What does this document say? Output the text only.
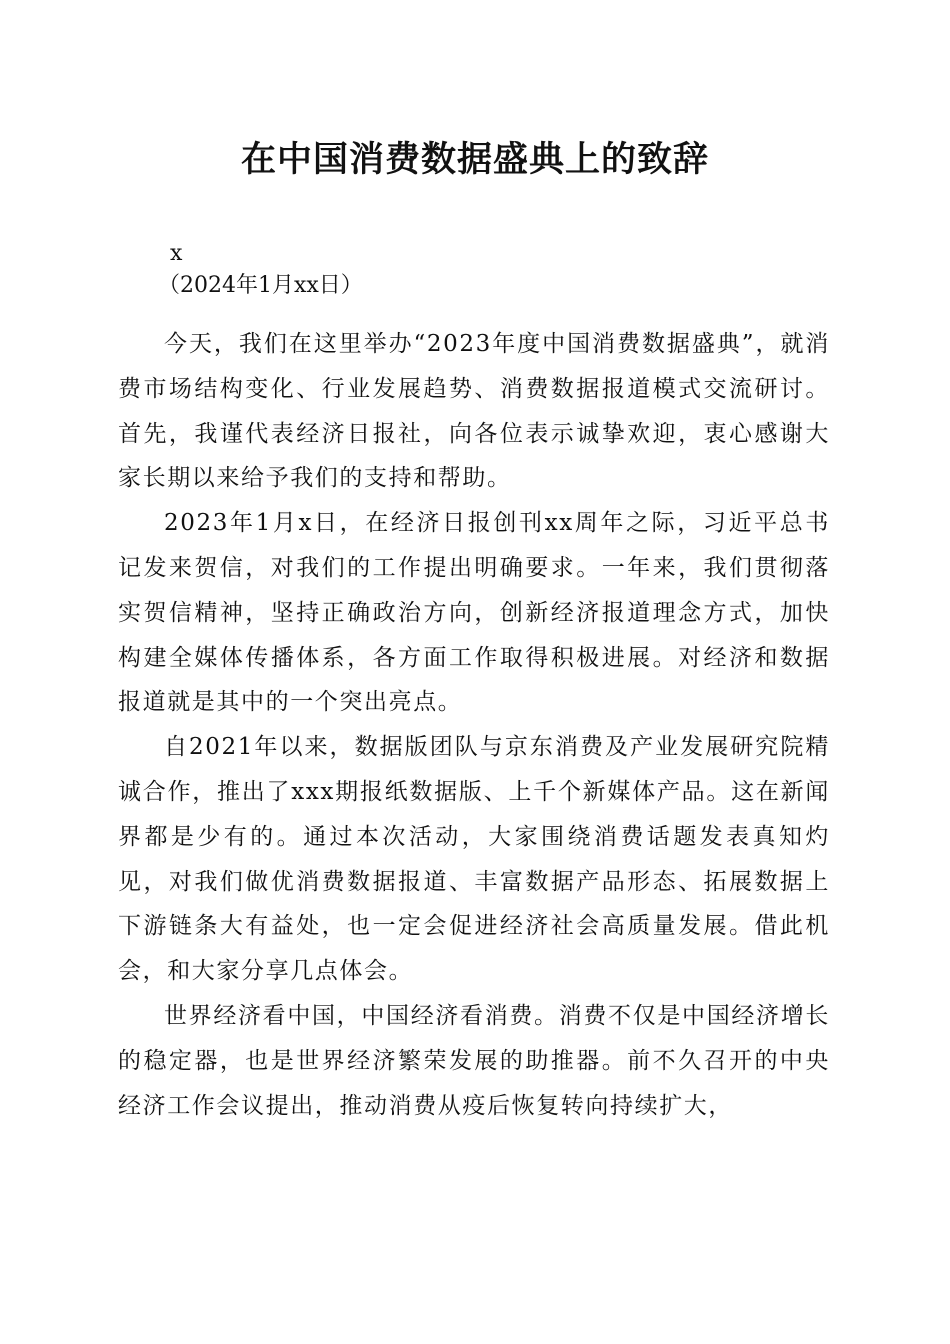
在中国消费数据盛典上的致辞

x

（2024年1月xx日）

今天，我们在这里举办“2023年度中国消费数据盛典”，就消费市场结构变化、行业发展趋势、消费数据报道模式交流研讨。首先，我谨代表经济日报社，向各位表示诚挚欢迎，衷心感谢大家长期以来给予我们的支持和帮助。

2023年1月x日，在经济日报创刊xx周年之际，习近平总书记发来贺信，对我们的工作提出明确要求。一年来，我们贯彻落实贺信精神，坚持正确政治方向，创新经济报道理念方式，加快构建全媒体传播体系，各方面工作取得积极进展。对经济和数据报道就是其中的一个突出亮点。

自2021年以来，数据版团队与京东消费及产业发展研究院精诚合作，推出了xxx期报纸数据版、上千个新媒体产品。这在新闻界都是少有的。通过本次活动，大家围绕消费话题发表真知灼见，对我们做优消费数据报道、丰富数据产品形态、拓展数据上下游链条大有益处，也一定会促进经济社会高质量发展。借此机会，和大家分享几点体会。

世界经济看中国，中国经济看消费。消费不仅是中国经济增长的稳定器，也是世界经济繁荣发展的助推器。前不久召开的中央经济工作会议提出，推动消费从疫后恢复转向持续扩大，
